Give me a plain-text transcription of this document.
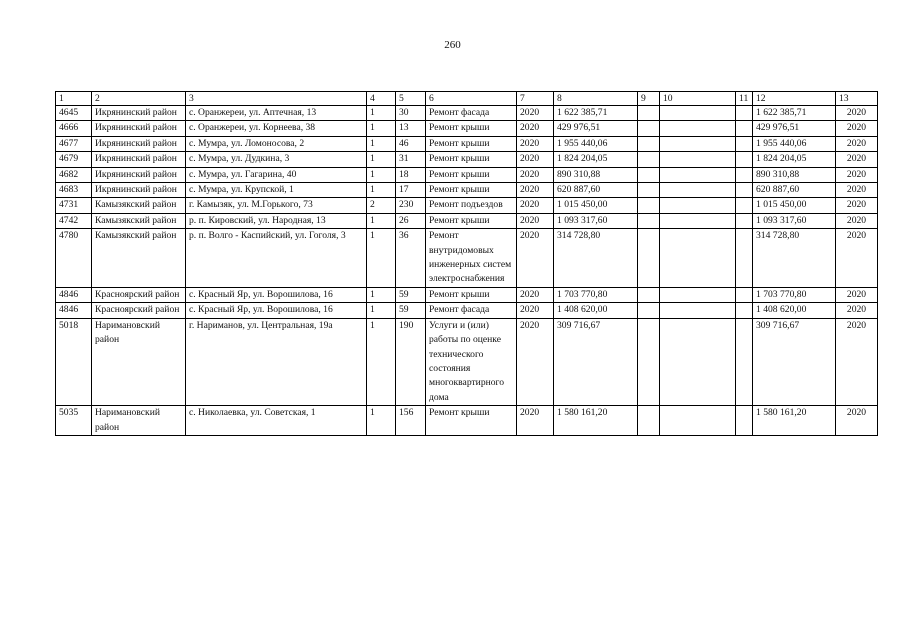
260
1	2	3	4	5	6	7	8	9	10	11	12	13
4645	Икрянинский район	с. Оранжереи, ул. Аптечная, 13	1	30	Ремонт фасада	2020	1 622 385,71				1 622 385,71	2020
4666	Икрянинский район	с. Оранжереи, ул. Корнеева, 38	1	13	Ремонт крыши	2020	429 976,51				429 976,51	2020
4677	Икрянинский район	с. Мумра, ул. Ломоносова, 2	1	46	Ремонт крыши	2020	1 955 440,06				1 955 440,06	2020
4679	Икрянинский район	с. Мумра, ул. Дудкина, 3	1	31	Ремонт крыши	2020	1 824 204,05				1 824 204,05	2020
4682	Икрянинский район	с. Мумра, ул. Гагарина, 40	1	18	Ремонт крыши	2020	890 310,88				890 310,88	2020
4683	Икрянинский район	с. Мумра, ул. Крупской, 1	1	17	Ремонт крыши	2020	620 887,60				620 887,60	2020
4731	Камызякский район	г. Камызяк, ул. М.Горького, 73	2	230	Ремонт подъездов	2020	1 015 450,00				1 015 450,00	2020
4742	Камызякский район	р. п. Кировский, ул. Народная, 13	1	26	Ремонт крыши	2020	1 093 317,60				1 093 317,60	2020
4780	Камызякский район	р. п. Волго - Каспийский, ул. Гоголя, 3	1	36	Ремонт внутридомовых инженерных систем электроснабжения	2020	314 728,80				314 728,80	2020
4846	Красноярский район	с. Красный Яр, ул. Ворошилова, 16	1	59	Ремонт крыши	2020	1 703 770,80				1 703 770,80	2020
4846	Красноярский район	с. Красный Яр, ул. Ворошилова, 16	1	59	Ремонт фасада	2020	1 408 620,00				1 408 620,00	2020
5018	Наримановский район	г. Нариманов, ул. Центральная, 19а	1	190	Услуги и (или) работы по оценке технического состояния многоквартирного дома	2020	309 716,67				309 716,67	2020
5035	Наримановский район	с. Николаевка, ул. Советская, 1	1	156	Ремонт крыши	2020	1 580 161,20				1 580 161,20	2020
